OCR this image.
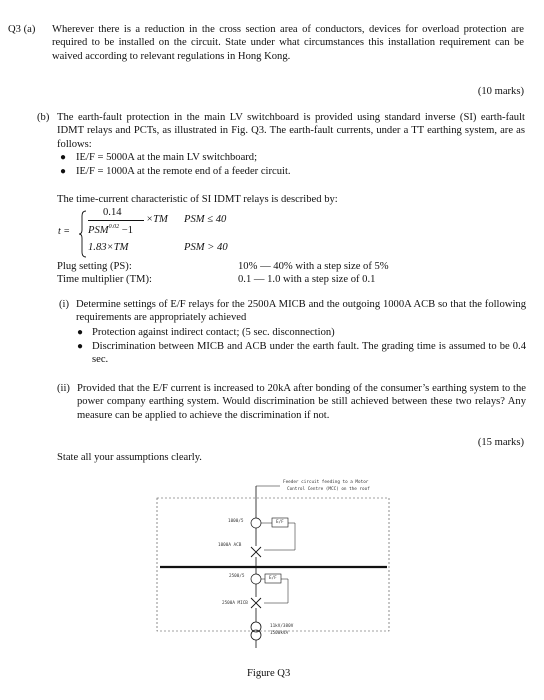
Q3 (a) Wherever there is a reduction in the cross section area of conductors, devices for overload protection are required to be installed on the circuit. State under what circumstances this installation requirement can be waived according to relevant regulations in Hong Kong.
(10 marks)
(b) The earth-fault protection in the main LV switchboard is provided using standard inverse (SI) earth-fault IDMT relays and PCTs, as illustrated in Fig. Q3. The earth-fault currents, under a TT earthing system, are as follows:
● IE/F = 5000A at the main LV switchboard;
● IE/F = 1000A at the remote end of a feeder circuit.
The time-current characteristic of SI IDMT relays is described by:
t =
0.14
$PSM^{0.02} -1$
×TM PSM ≤ 40
1.83×TM	PSM > 40
Plug setting (PS):	10% — 40% with a step size of 5%
Time multiplier (TM):	0.1 — 1.0 with a step size of 0.1
(i) Determine settings of E/F relays for the 2500A MICB and the outgoing 1000A ACB so that the following requirements are appropriately achieved
● Protection against indirect contact; (5 sec. disconnection)
● Discrimination between MICB and ACB under the earth fault. The grading time is assumed to be 0.4 sec.
(ii) Provided that the E/F current is increased to 20kA after bonding of the consumer’s earthing system to the power company earthing system. Would discrimination be still achieved between these two relays? Any measure can be applied to achieve the discrimination if not.
(15 marks)
State all your assumptions clearly.
Feeder circuit feeding to a Motor
Control Centre (MCC) on the roof
1000/5	E/F
1000A ACB
2500/5	E/F
2500A MICB
11kV/380V
1500kVA
Figure Q3
